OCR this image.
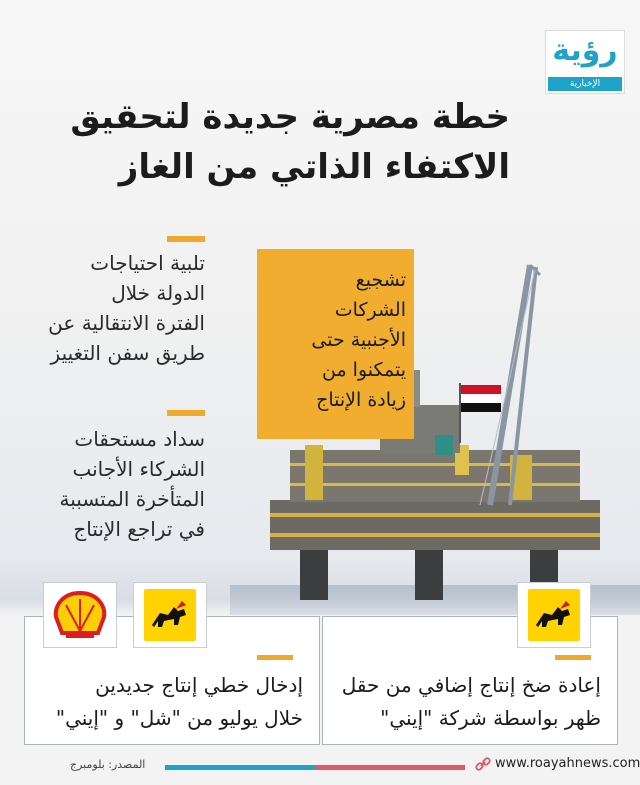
رؤية
الإخبارية
خطة مصرية جديدة لتحقيق
الاكتفاء الذاتي من الغاز
تشجيع
الشركات
الأجنبية حتى
يتمكنوا من
زيادة الإنتاج
تلبية احتياجات
الدولة خلال
الفترة الانتقالية عن
طريق سفن التغييز
سداد مستحقات
الشركاء الأجانب
المتأخرة المتسببة
في تراجع الإنتاج
إدخال خطي إنتاج جديدين
خلال يوليو من "شل" و "إيني"
إعادة ضخ إنتاج إضافي من حقل
ظهر بواسطة شركة "إيني"
www.roayahnews.com
المصدر: بلومبرج
